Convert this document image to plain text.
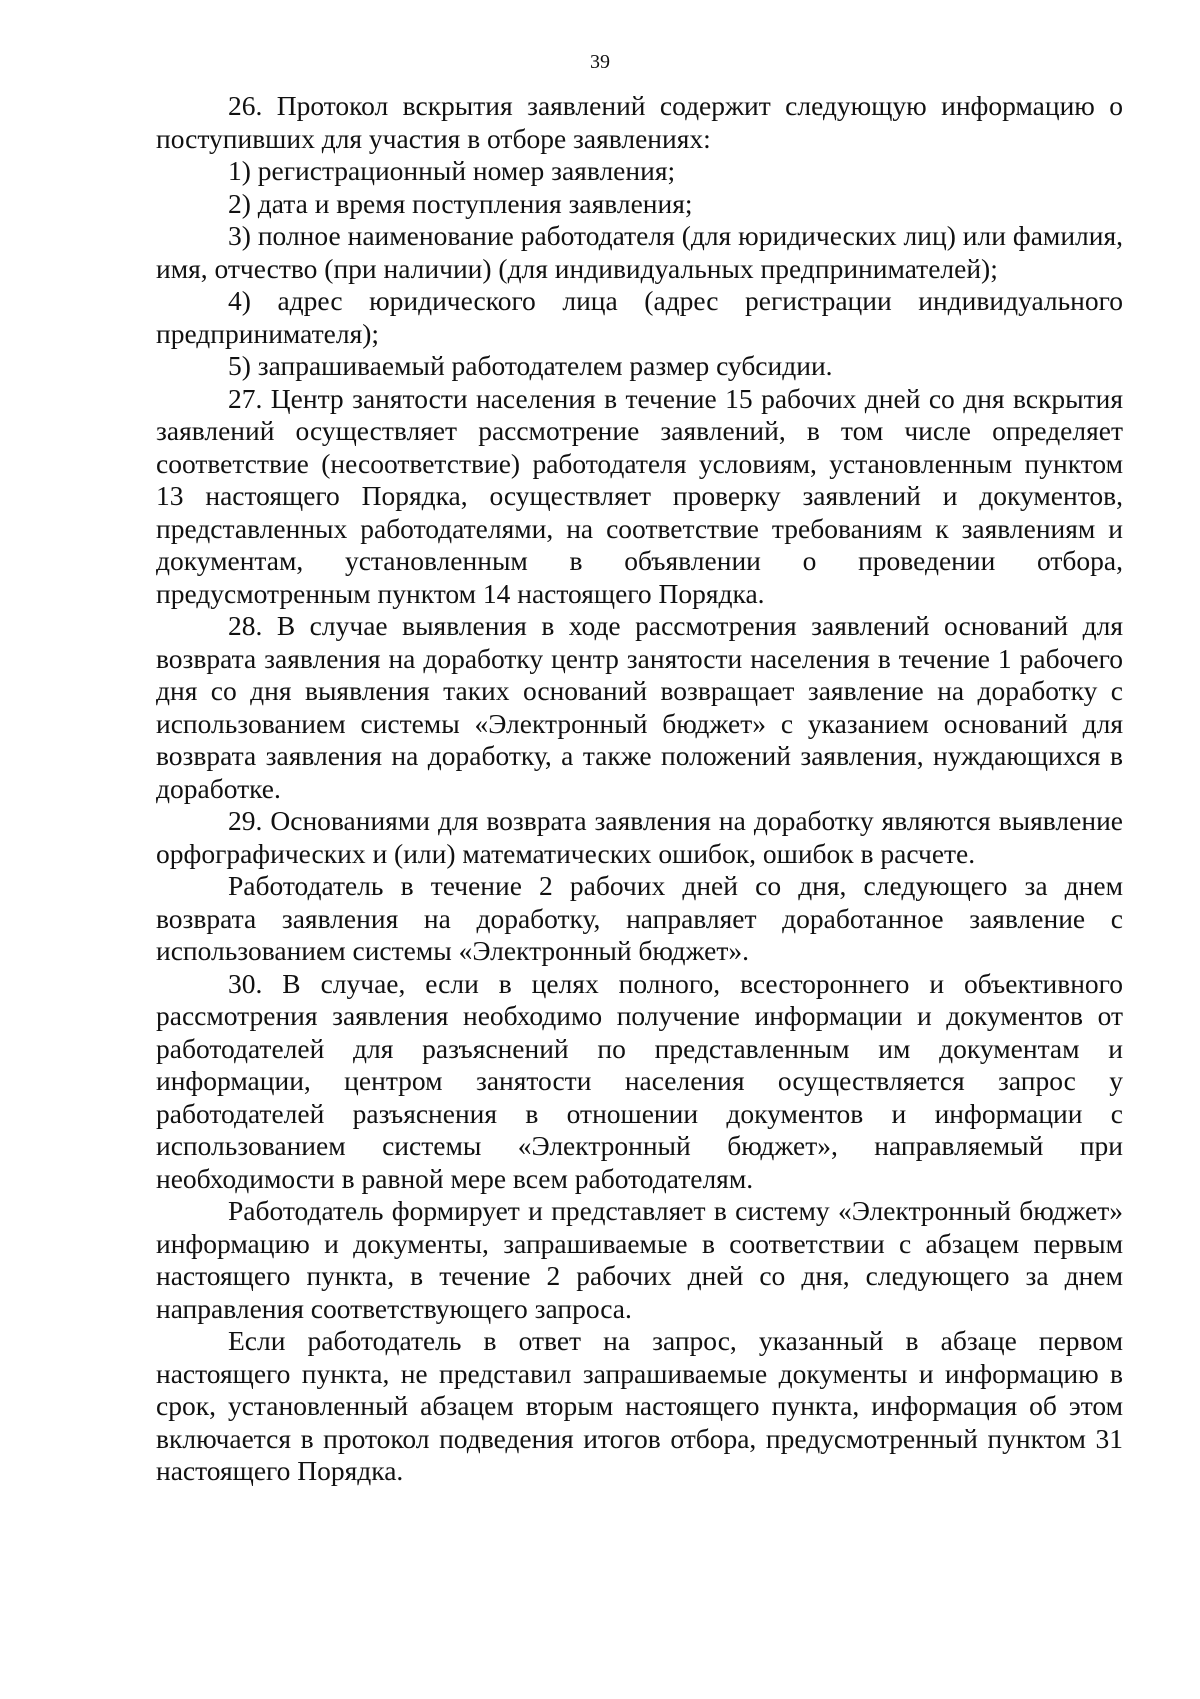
39

26. Протокол вскрытия заявлений содержит следующую информацию о поступивших для участия в отборе заявлениях:

1) регистрационный номер заявления;

2) дата и время поступления заявления;

3) полное наименование работодателя (для юридических лиц) или фамилия, имя, отчество (при наличии) (для индивидуальных предпринимателей);

4) адрес юридического лица (адрес регистрации индивидуального предпринимателя);

5) запрашиваемый работодателем размер субсидии.

27. Центр занятости населения в течение 15 рабочих дней со дня вскрытия заявлений осуществляет рассмотрение заявлений, в том числе определяет соответствие (несоответствие) работодателя условиям, установленным пунктом 13 настоящего Порядка, осуществляет проверку заявлений и документов, представленных работодателями, на соответствие требованиям к заявлениям и документам, установленным в объявлении о проведении отбора, предусмотренным пунктом 14 настоящего Порядка.

28. В случае выявления в ходе рассмотрения заявлений оснований для возврата заявления на доработку центр занятости населения в течение 1 рабочего дня со дня выявления таких оснований возвращает заявление на доработку с использованием системы «Электронный бюджет» с указанием оснований для возврата заявления на доработку, а также положений заявления, нуждающихся в доработке.

29. Основаниями для возврата заявления на доработку являются выявление орфографических и (или) математических ошибок, ошибок в расчете.

Работодатель в течение 2 рабочих дней со дня, следующего за днем возврата заявления на доработку, направляет доработанное заявление с использованием системы «Электронный бюджет».

30. В случае, если в целях полного, всестороннего и объективного рассмотрения заявления необходимо получение информации и документов от работодателей для разъяснений по представленным им документам и информации, центром занятости населения осуществляется запрос у работодателей разъяснения в отношении документов и информации с использованием системы «Электронный бюджет», направляемый при необходимости в равной мере всем работодателям.

Работодатель формирует и представляет в систему «Электронный бюджет» информацию и документы, запрашиваемые в соответствии с абзацем первым настоящего пункта, в течение 2 рабочих дней со дня, следующего за днем направления соответствующего запроса.

Если работодатель в ответ на запрос, указанный в абзаце первом настоящего пункта, не представил запрашиваемые документы и информацию в срок, установленный абзацем вторым настоящего пункта, информация об этом включается в протокол подведения итогов отбора, предусмотренный пунктом 31 настоящего Порядка.
